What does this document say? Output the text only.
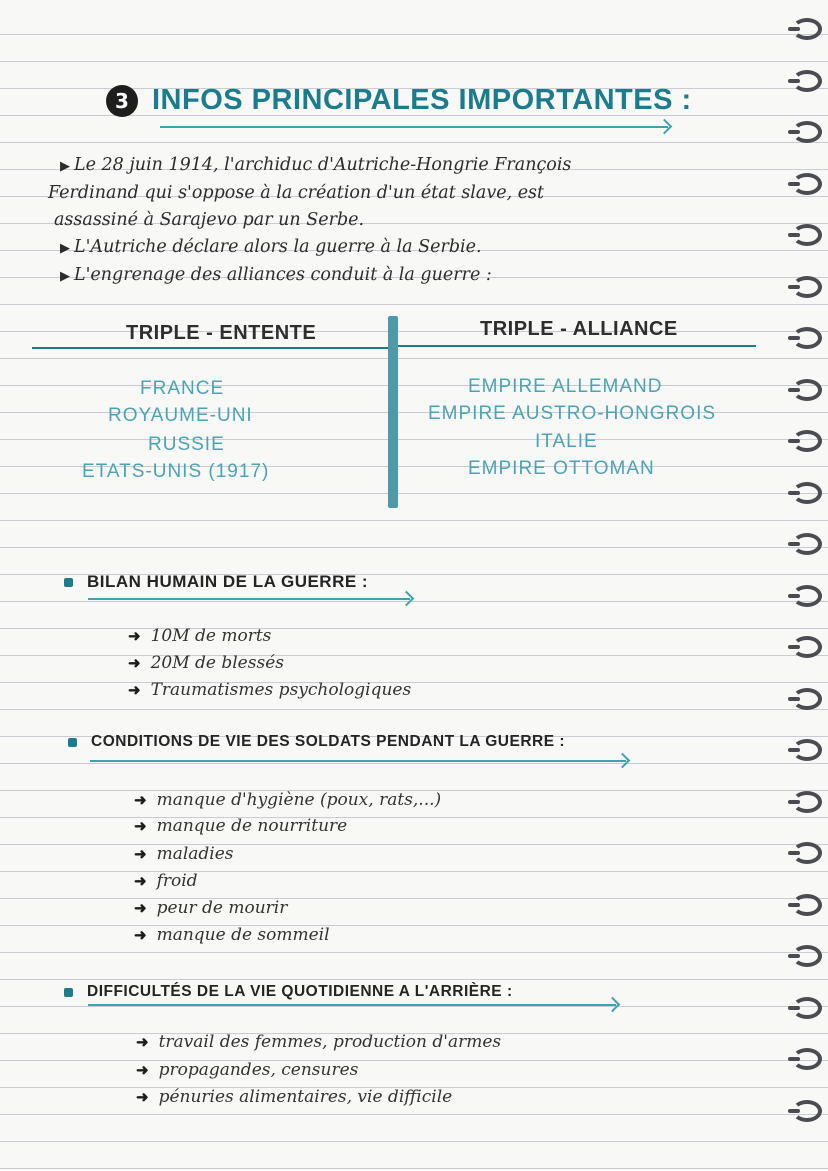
3 INFOS PRINCIPALES IMPORTANTES :
▶ Le 28 juin 1914, l'archiduc d'Autriche-Hongrie François
Ferdinand qui s'oppose à la création d'un état slave, est
assassiné à Sarajevo par un Serbe.
▶ L'Autriche déclare alors la guerre à la Serbie.
▶ L'engrenage des alliances conduit à la guerre :
TRIPLE - ENTENTE	TRIPLE - ALLIANCE
FRANCE
ROYAUME-UNI
RUSSIE
ETATS-UNIS (1917)
EMPIRE ALLEMAND
EMPIRE AUSTRO-HONGROIS
ITALIE
EMPIRE OTTOMAN
BILAN HUMAIN DE LA GUERRE :
➜ 10M de morts
➜ 20M de blessés
➜ Traumatismes psychologiques
CONDITIONS DE VIE DES SOLDATS PENDANT LA GUERRE :
➜ manque d'hygiène (poux, rats,...)
➜ manque de nourriture
➜ maladies
➜ froid
➜ peur de mourir
➜ manque de sommeil
DIFFICULTÉS DE LA VIE QUOTIDIENNE A L'ARRIÈRE :
➜ travail des femmes, production d'armes
➜ propagandes, censures
➜ pénuries alimentaires, vie difficile
